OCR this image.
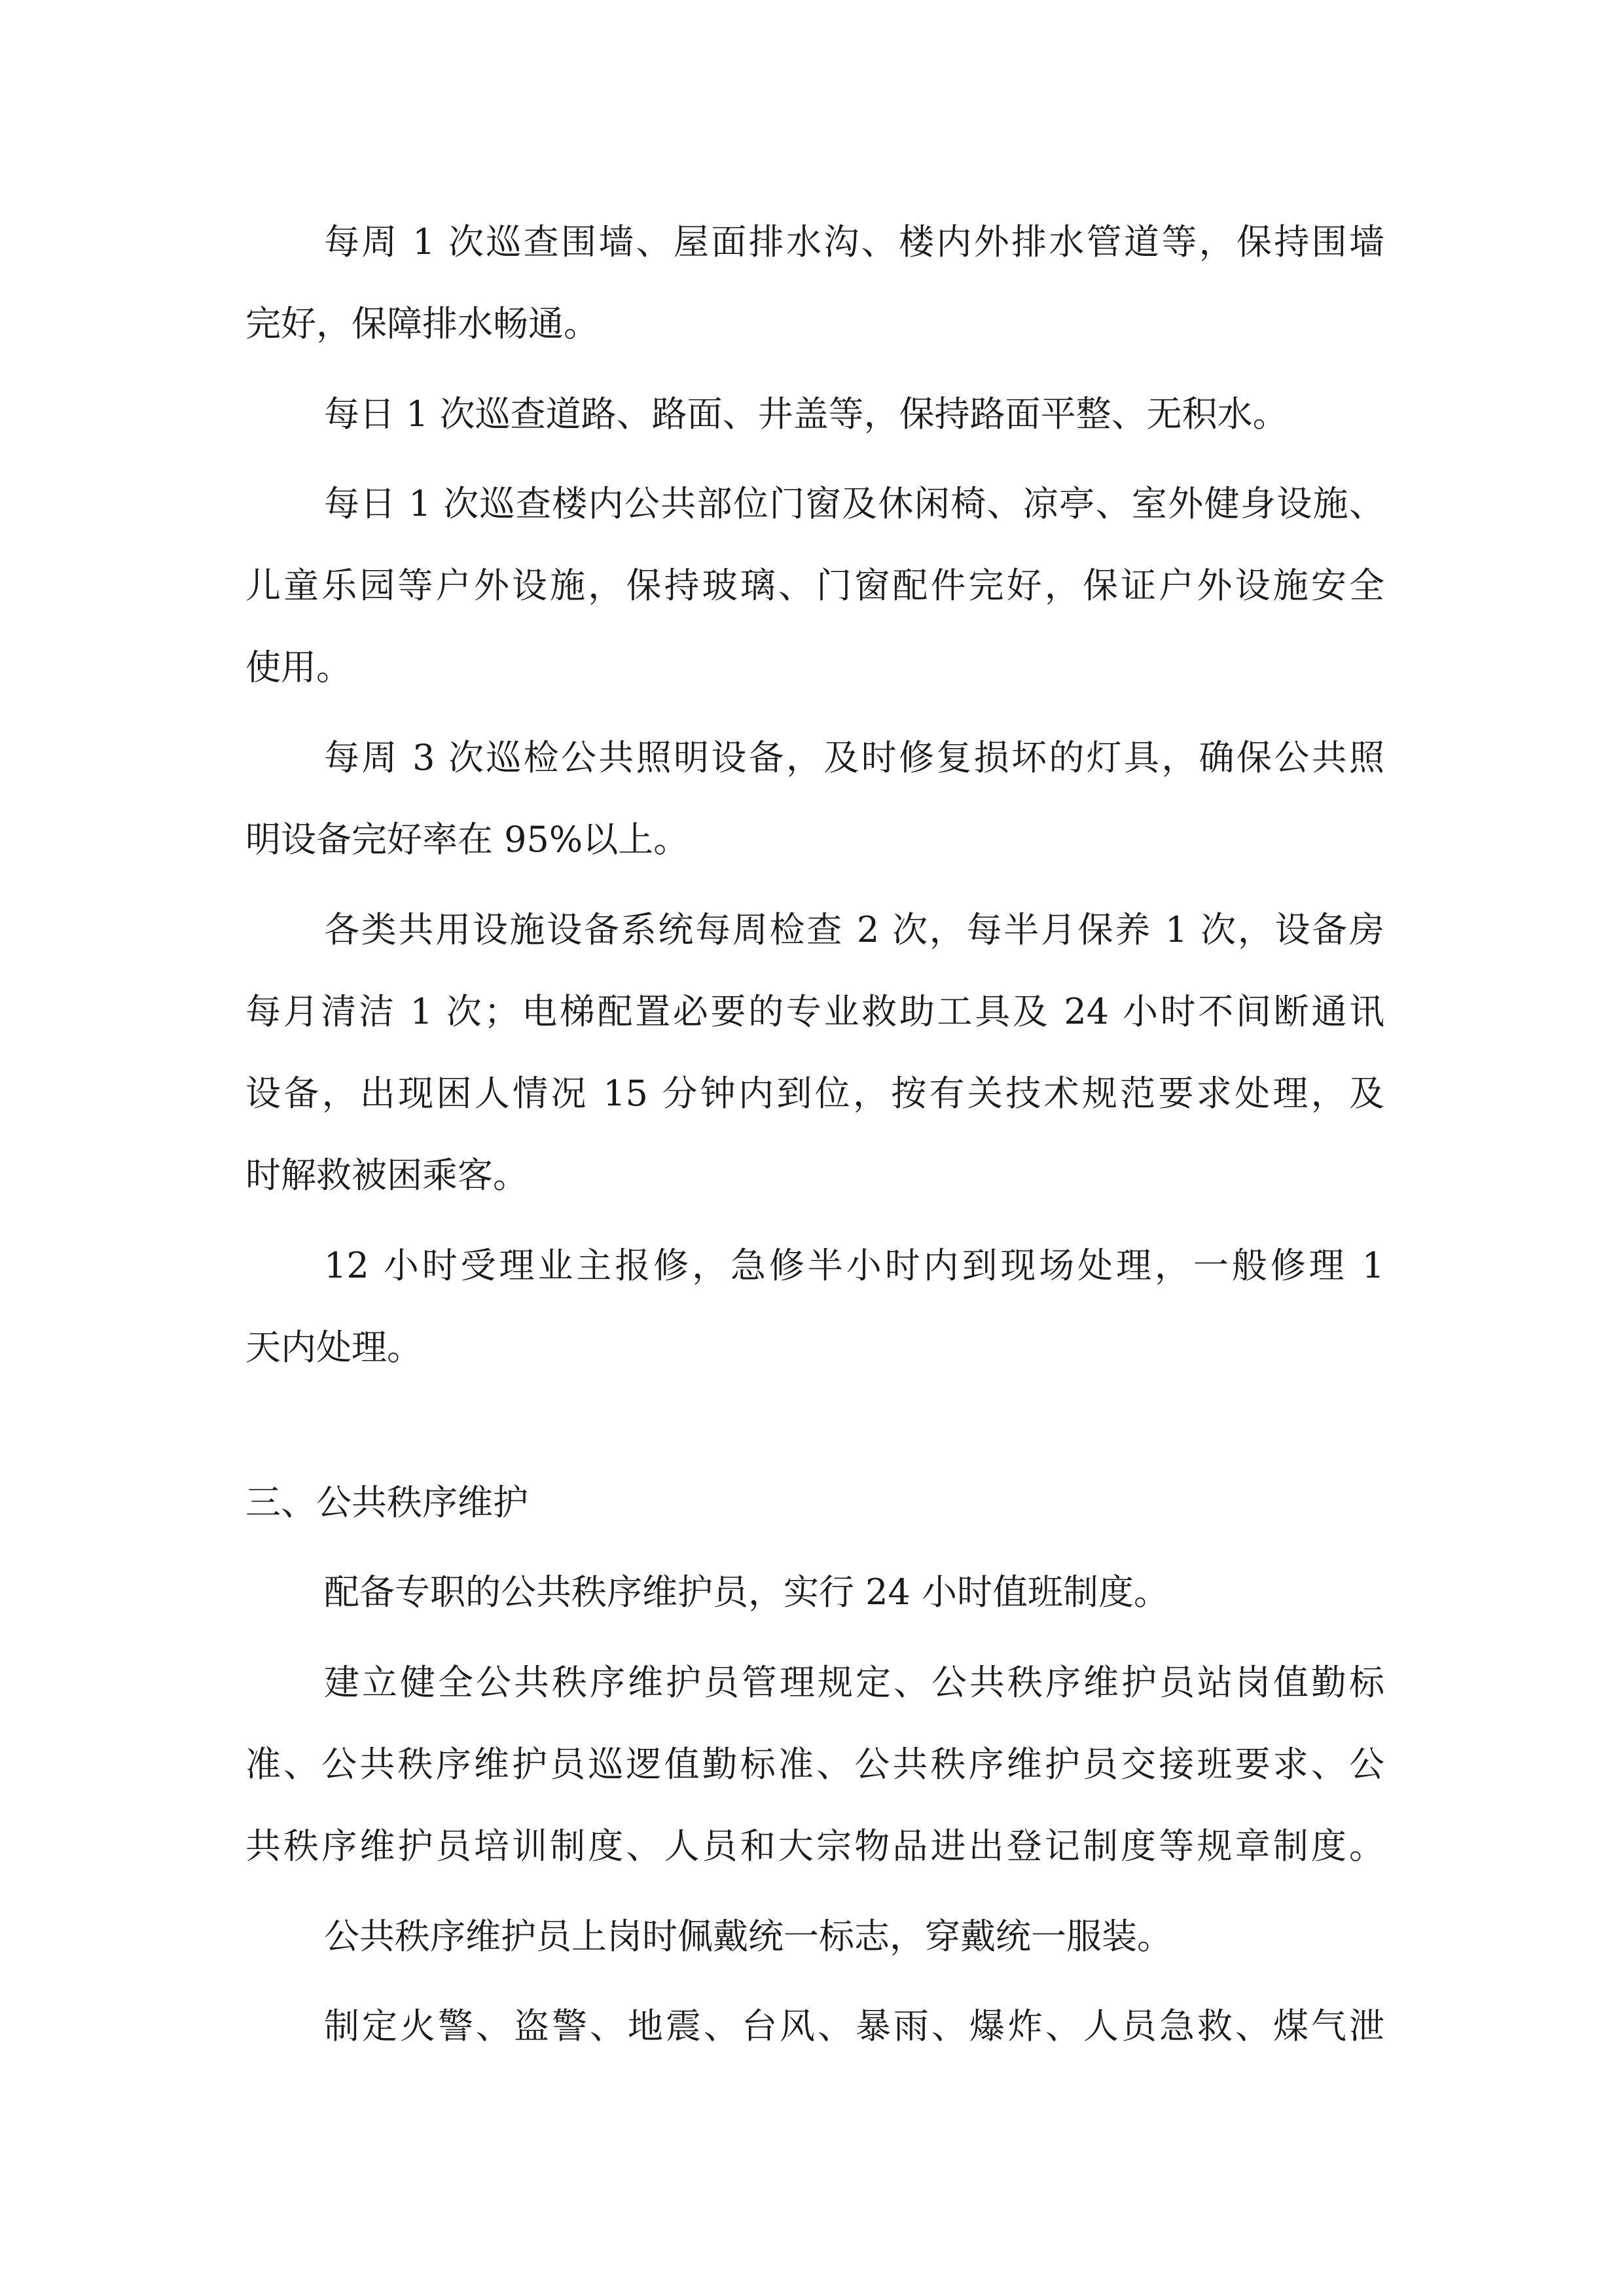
每周 1 次巡查围墙、屋面排水沟、楼内外排水管道等，保持围墙
完好，保障排水畅通。
每日 1 次巡查道路、路面、井盖等，保持路面平整、无积水。
每日 1 次巡查楼内公共部位门窗及休闲椅、凉亭、室外健身设施、
儿童乐园等户外设施，保持玻璃、门窗配件完好，保证户外设施安全
使用。
每周 3 次巡检公共照明设备，及时修复损坏的灯具，确保公共照
明设备完好率在 95%以上。
各类共用设施设备系统每周检查 2 次，每半月保养 1 次，设备房
每月清洁 1 次；电梯配置必要的专业救助工具及 24 小时不间断通讯
设备，出现困人情况 15 分钟内到位，按有关技术规范要求处理，及
时解救被困乘客。
12 小时受理业主报修，急修半小时内到现场处理，一般修理 1
天内处理。
三、公共秩序维护
配备专职的公共秩序维护员，实行 24 小时值班制度。
建立健全公共秩序维护员管理规定、公共秩序维护员站岗值勤标
准、公共秩序维护员巡逻值勤标准、公共秩序维护员交接班要求、公
共秩序维护员培训制度、人员和大宗物品进出登记制度等规章制度。
公共秩序维护员上岗时佩戴统一标志，穿戴统一服装。
制定火警、盗警、地震、台风、暴雨、爆炸、人员急救、煤气泄
